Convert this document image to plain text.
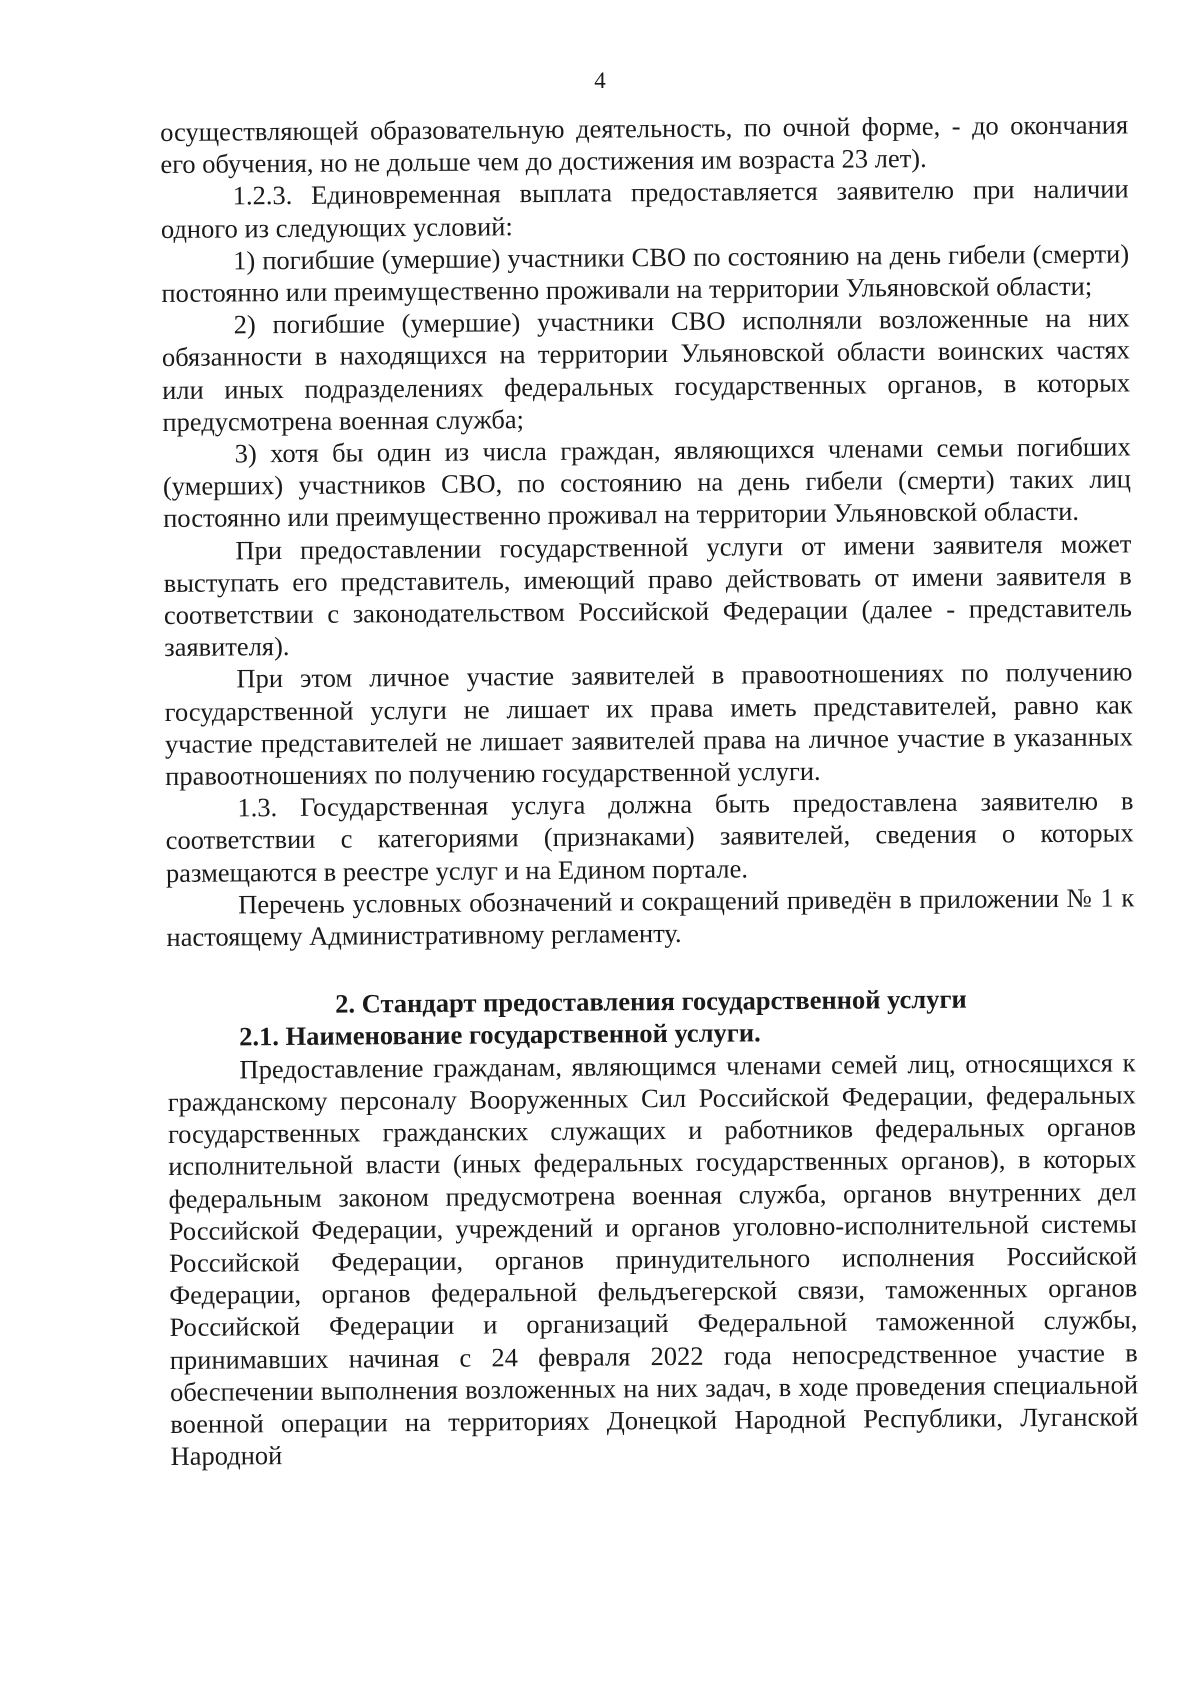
4

осуществляющей образовательную деятельность, по очной форме, - до окончания его обучения, но не дольше чем до достижения им возраста 23 лет).

1.2.3. Единовременная выплата предоставляется заявителю при наличии одного из следующих условий:

1) погибшие (умершие) участники СВО по состоянию на день гибели (смерти) постоянно или преимущественно проживали на территории Ульяновской области;

2) погибшие (умершие) участники СВО исполняли возложенные на них обязанности в находящихся на территории Ульяновской области воинских частях или иных подразделениях федеральных государственных органов, в которых предусмотрена военная служба;

3) хотя бы один из числа граждан, являющихся членами семьи погибших (умерших) участников СВО, по состоянию на день гибели (смерти) таких лиц постоянно или преимущественно проживал на территории Ульяновской области.

При предоставлении государственной услуги от имени заявителя может выступать его представитель, имеющий право действовать от имени заявителя в соответствии с законодательством Российской Федерации (далее - представитель заявителя).

При этом личное участие заявителей в правоотношениях по получению государственной услуги не лишает их права иметь представителей, равно как участие представителей не лишает заявителей права на личное участие в указанных правоотношениях по получению государственной услуги.

1.3. Государственная услуга должна быть предоставлена заявителю в соответствии с категориями (признаками) заявителей, сведения о которых размещаются в реестре услуг и на Едином портале.

Перечень условных обозначений и сокращений приведён в приложении № 1 к настоящему Административному регламенту.

2. Стандарт предоставления государственной услуги

2.1. Наименование государственной услуги.

Предоставление гражданам, являющимся членами семей лиц, относящихся к гражданскому персоналу Вооруженных Сил Российской Федерации, федеральных государственных гражданских служащих и работников федеральных органов исполнительной власти (иных федеральных государственных органов), в которых федеральным законом предусмотрена военная служба, органов внутренних дел Российской Федерации, учреждений и органов уголовно-исполнительной системы Российской Федерации, органов принудительного исполнения Российской Федерации, органов федеральной фельдъегерской связи, таможенных органов Российской Федерации и организаций Федеральной таможенной службы, принимавших начиная с 24 февраля 2022 года непосредственное участие в обеспечении выполнения возложенных на них задач, в ходе проведения специальной военной операции на территориях Донецкой Народной Республики, Луганской Народной
